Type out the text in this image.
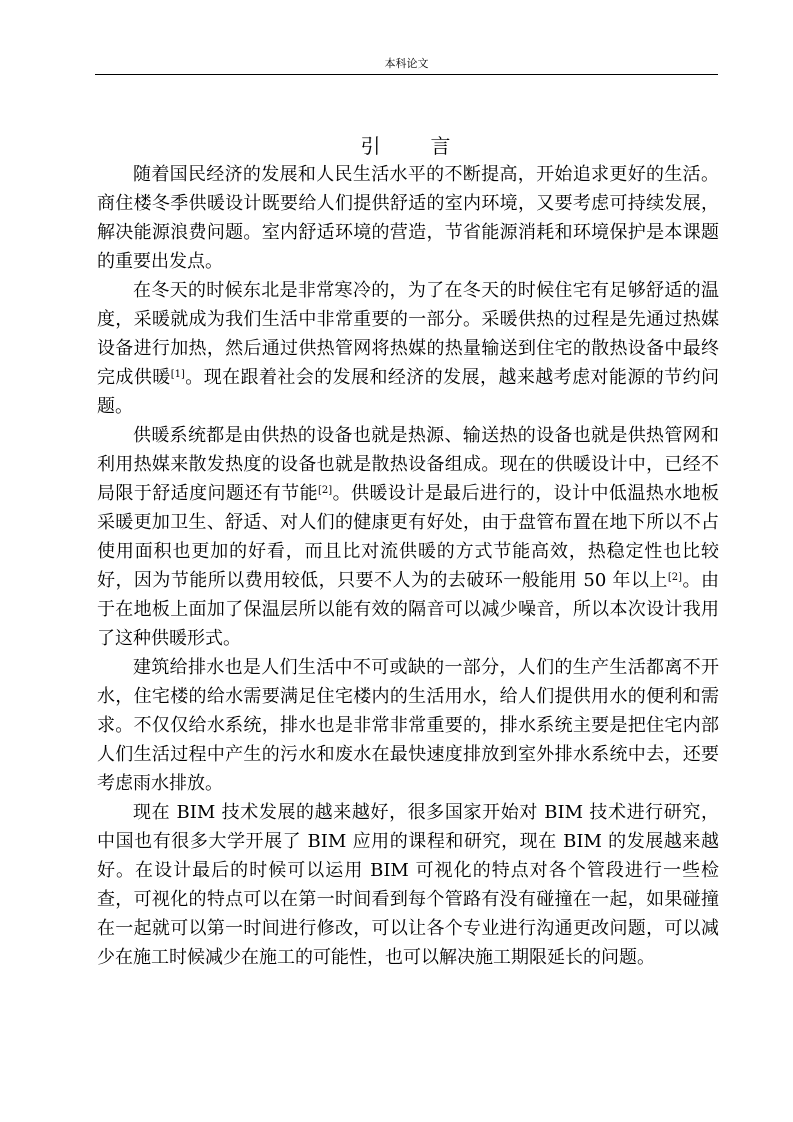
本科论文
引 言

随着国民经济的发展和人民生活水平的不断提高，开始追求更好的生活。商住楼冬季供暖设计既要给人们提供舒适的室内环境，又要考虑可持续发展，解决能源浪费问题。室内舒适环境的营造，节省能源消耗和环境保护是本课题的重要出发点。

在冬天的时候东北是非常寒冷的，为了在冬天的时候住宅有足够舒适的温度，采暖就成为我们生活中非常重要的一部分。采暖供热的过程是先通过热媒设备进行加热，然后通过供热管网将热媒的热量输送到住宅的散热设备中最终完成供暖[1]。现在跟着社会的发展和经济的发展，越来越考虑对能源的节约问题。

供暖系统都是由供热的设备也就是热源、输送热的设备也就是供热管网和利用热媒来散发热度的设备也就是散热设备组成。现在的供暖设计中，已经不局限于舒适度问题还有节能[2]。供暖设计是最后进行的，设计中低温热水地板采暖更加卫生、舒适、对人们的健康更有好处，由于盘管布置在地下所以不占使用面积也更加的好看，而且比对流供暖的方式节能高效，热稳定性也比较好，因为节能所以费用较低，只要不人为的去破环一般能用 50 年以上[2]。由于在地板上面加了保温层所以能有效的隔音可以减少噪音，所以本次设计我用了这种供暖形式。

建筑给排水也是人们生活中不可或缺的一部分，人们的生产生活都离不开水，住宅楼的给水需要满足住宅楼内的生活用水，给人们提供用水的便利和需求。不仅仅给水系统，排水也是非常非常重要的，排水系统主要是把住宅内部人们生活过程中产生的污水和废水在最快速度排放到室外排水系统中去，还要考虑雨水排放。

现在 BIM 技术发展的越来越好，很多国家开始对 BIM 技术进行研究，中国也有很多大学开展了 BIM 应用的课程和研究，现在 BIM 的发展越来越好。在设计最后的时候可以运用 BIM 可视化的特点对各个管段进行一些检查，可视化的特点可以在第一时间看到每个管路有没有碰撞在一起，如果碰撞在一起就可以第一时间进行修改，可以让各个专业进行沟通更改问题，可以减少在施工时候减少在施工的可能性，也可以解决施工期限延长的问题。
